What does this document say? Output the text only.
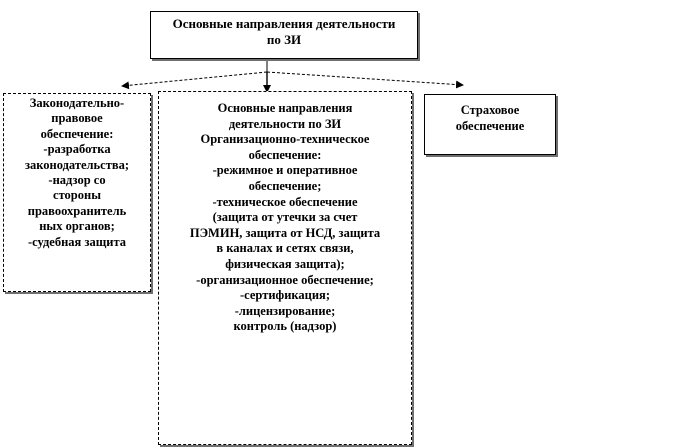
Основные направления деятельности
по ЗИ
Законодательно-
правовое
обеспечение:
-разработка
законодательства;
-надзор со
стороны
правоохранитель
ных органов;
-судебная защита
Основные направления
деятельности по ЗИ
Организационно-техническое
обеспечение:
-режимное и оперативное
обеспечение;
-техническое обеспечение
(защита от утечки за счет
ПЭМИН, защита от НСД, защита
в каналах и сетях связи,
физическая защита);
-организационное обеспечение;
-сертификация;
-лицензирование;
контроль (надзор)
Страховое
обеспечение
